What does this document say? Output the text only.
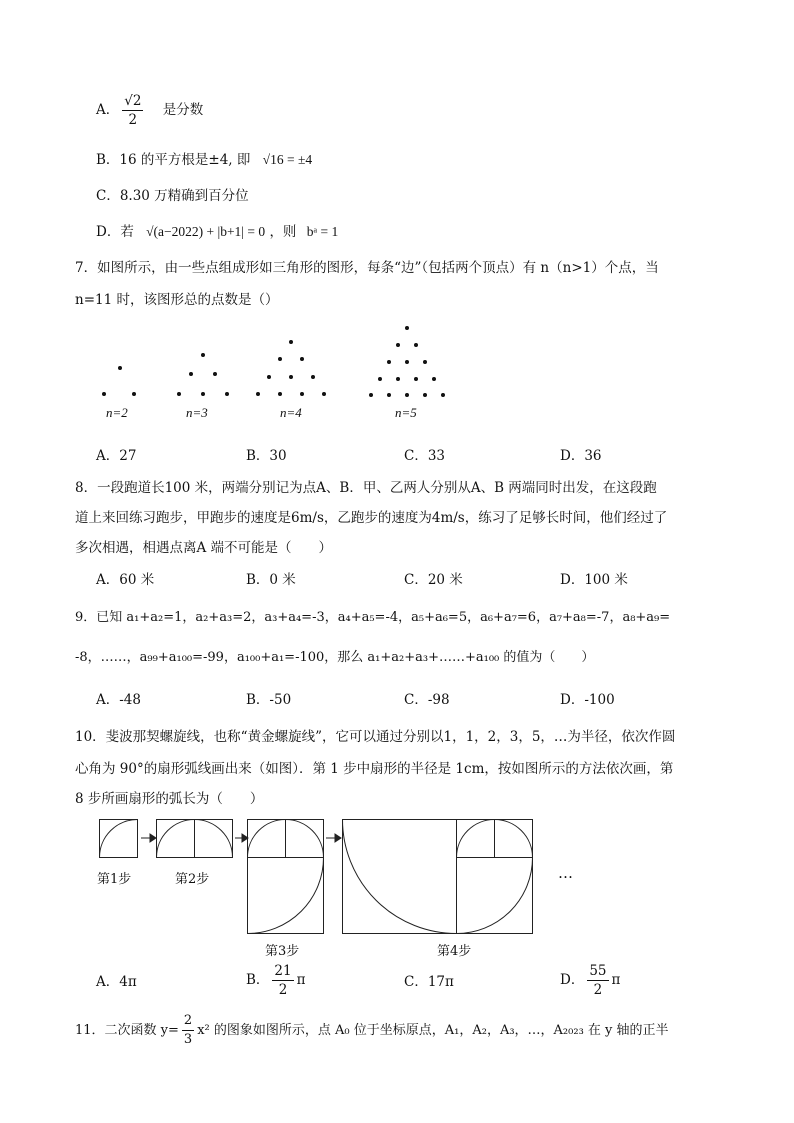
A． $\frac{√2}{2}$ 是分数
B．16 的平方根是±4, 即 √16 = ±4
C．8.30 万精确到百分位
D．若 √(a−2022) + |b+1| = 0 ，则 bᵃ = 1
7．如图所示，由一些点组成形如三角形的图形，每条“边”（包括两个顶点）有 n（n>1）个点，当
n=11 时，该图形总的点数是（）
n=2	n=3	n=4	n=5
A．27	B．30	C．33	D．36
8．一段跑道长100 米，两端分别记为点A、B．甲、乙两人分别从A、B 两端同时出发，在这段跑
道上来回练习跑步，甲跑步的速度是6m/s，乙跑步的速度为4m/s，练习了足够长时间，他们经过了
多次相遇，相遇点离A 端不可能是（　　）
A．60 米	B．0 米	C．20 米	D．100 米
9．已知 a₁+a₂=1，a₂+a₃=2，a₃+a₄=-3，a₄+a₅=-4，a₅+a₆=5，a₆+a₇=6，a₇+a₈=-7，a₈+a₉=
-8，……，a₉₉+a₁₀₀=-99，a₁₀₀+a₁=-100，那么 a₁+a₂+a₃+……+a₁₀₀ 的值为（　　）
A．-48	B．-50	C．-98	D．-100
10．斐波那契螺旋线，也称“黄金螺旋线”，它可以通过分别以1，1，2，3，5，…为半径，依次作圆
心角为 90°的扇形弧线画出来（如图）．第 1 步中扇形的半径是 1cm，按如图所示的方法依次画，第
8 步所画扇形的弧长为（　　）
第1步	第2步	…
第3步	第4步
A．4π	B． $\frac{21}{2}$ π	C．17π	D． $\frac{55}{2}$ π
11．二次函数 $y= \frac{2}{3} x^2$ 的图象如图所示，点 A₀ 位于坐标原点，A₁，A₂，A₃，…，A₂₀₂₃ 在 y 轴的正半
